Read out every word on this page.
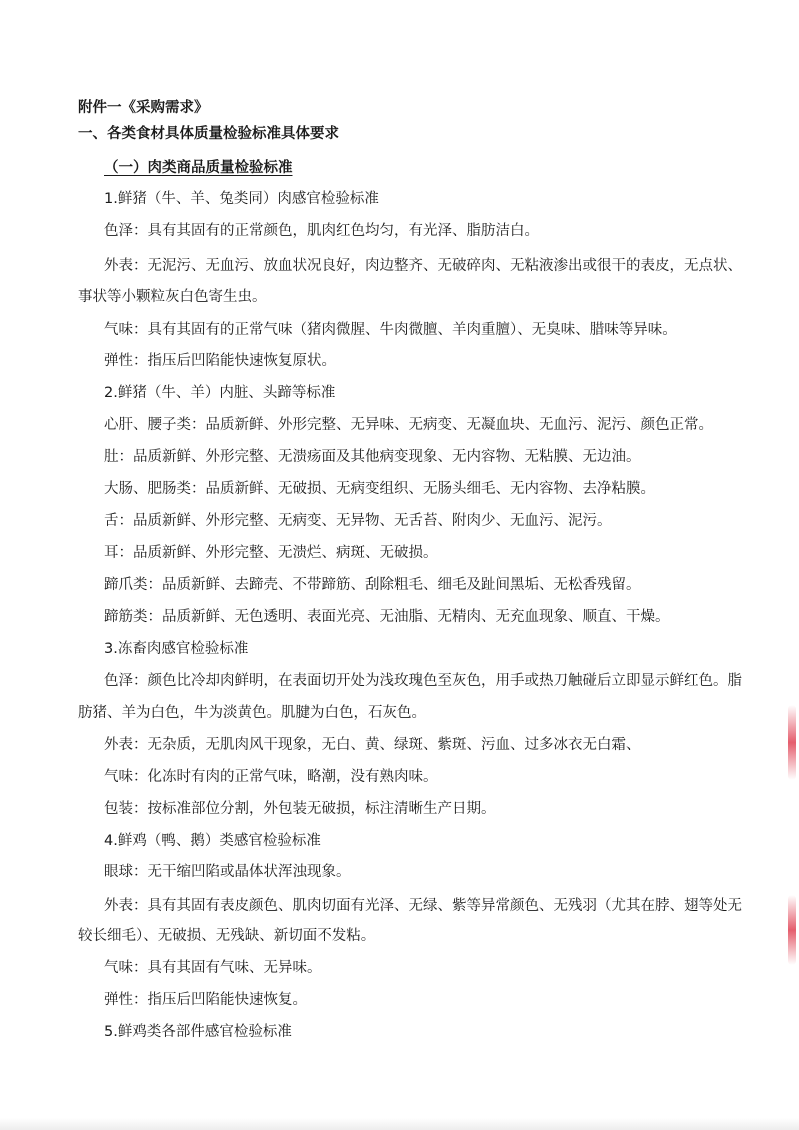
附件一《采购需求》
一、各类食材具体质量检验标准具体要求
（一）肉类商品质量检验标准
1.鲜猪（牛、羊、兔类同）肉感官检验标准
色泽：具有其固有的正常颜色，肌肉红色均匀，有光泽、脂肪洁白。
外表：无泥污、无血污、放血状况良好，肉边整齐、无破碎肉、无粘液渗出或很干的表皮，无点状、
事状等小颗粒灰白色寄生虫。
气味：具有其固有的正常气味（猪肉微腥、牛肉微膻、羊肉重膻）、无臭味、腊味等异味。
弹性：指压后凹陷能快速恢复原状。
2.鲜猪（牛、羊）内脏、头蹄等标准
心肝、腰子类：品质新鲜、外形完整、无异味、无病变、无凝血块、无血污、泥污、颜色正常。
肚：品质新鲜、外形完整、无溃疡面及其他病变现象、无内容物、无粘膜、无边油。
大肠、肥肠类：品质新鲜、无破损、无病变组织、无肠头细毛、无内容物、去净粘膜。
舌：品质新鲜、外形完整、无病变、无异物、无舌苔、附肉少、无血污、泥污。
耳：品质新鲜、外形完整、无溃烂、病斑、无破损。
蹄爪类：品质新鲜、去蹄壳、不带蹄筋、刮除粗毛、细毛及趾间黑垢、无松香残留。
蹄筋类：品质新鲜、无色透明、表面光亮、无油脂、无精肉、无充血现象、顺直、干燥。
3.冻畜肉感官检验标准
色泽：颜色比冷却肉鲜明，在表面切开处为浅玫瑰色至灰色，用手或热刀触碰后立即显示鲜红色。脂
肪猪、羊为白色，牛为淡黄色。肌腱为白色，石灰色。
外表：无杂质，无肌肉风干现象，无白、黄、绿斑、紫斑、污血、过多冰衣无白霜、
气味：化冻时有肉的正常气味，略潮，没有熟肉味。
包装：按标准部位分割，外包装无破损，标注清晰生产日期。
4.鲜鸡（鸭、鹅）类感官检验标准
眼球：无干缩凹陷或晶体状浑浊现象。
外表：具有其固有表皮颜色、肌肉切面有光泽、无绿、紫等异常颜色、无残羽（尤其在脖、翅等处无
较长细毛）、无破损、无残缺、新切面不发粘。
气味：具有其固有气味、无异味。
弹性：指压后凹陷能快速恢复。
5.鲜鸡类各部件感官检验标准
